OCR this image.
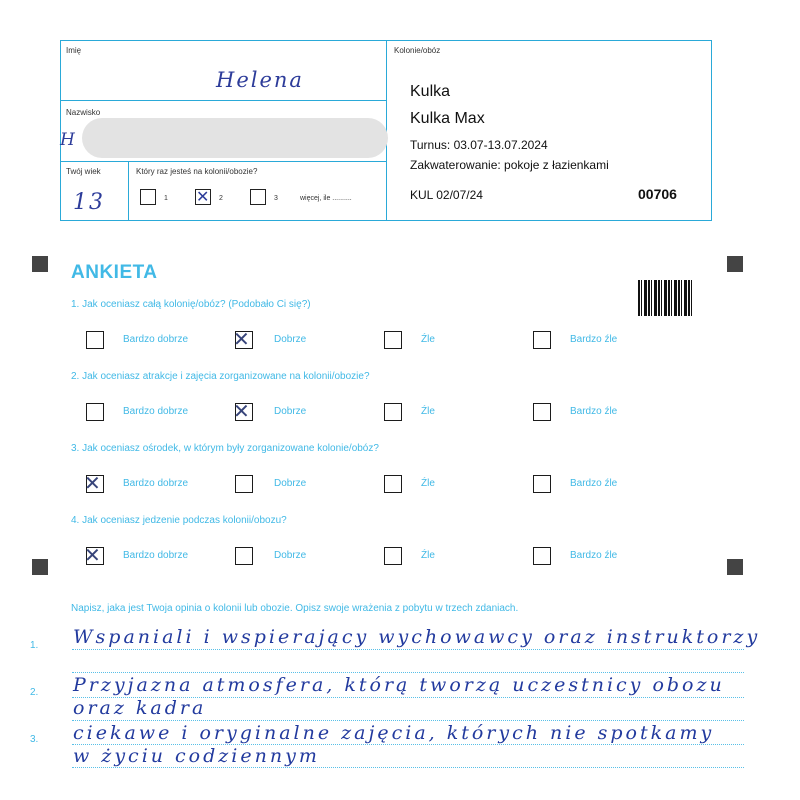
Imię
Helena
Nazwisko
H
Twój wiek
13
Który raz jesteś na kolonii/obozie?
1 ✕ 2	3	więcej, ile ..........
Kolonie/obóz
Kulka
Kulka Max
Turnus: 03.07-13.07.2024
Zakwaterowanie: pokoje z łazienkami
KUL 02/07/24	00706
ANKIETA
1. Jak oceniasz całą kolonię/obóz? (Podobało Ci się?)
2. Jak oceniasz atrakcje i zajęcia zorganizowane na kolonii/obozie?
3. Jak oceniasz ośrodek, w którym były zorganizowane kolonie/obóz?
4. Jak oceniasz jedzenie podczas kolonii/obozu?
Bardzo dobrze ✕ Dobrze	Źle	Bardzo źle
Bardzo dobrze ✕ Dobrze	Źle	Bardzo źle
✕ Bardzo dobrze	Dobrze	Źle	Bardzo źle
✕ Bardzo dobrze	Dobrze	Źle	Bardzo źle
Napisz, jaka jest Twoja opinia o kolonii lub obozie. Opisz swoje wrażenia z pobytu w trzech zdaniach.
1.
2.
3.
Wspaniali i wspierający wychowawcy oraz instruktorzy
Przyjazna atmosfera, którą tworzą uczestnicy obozu
oraz kadra
ciekawe i oryginalne zajęcia, których nie spotkamy
w życiu codziennym
